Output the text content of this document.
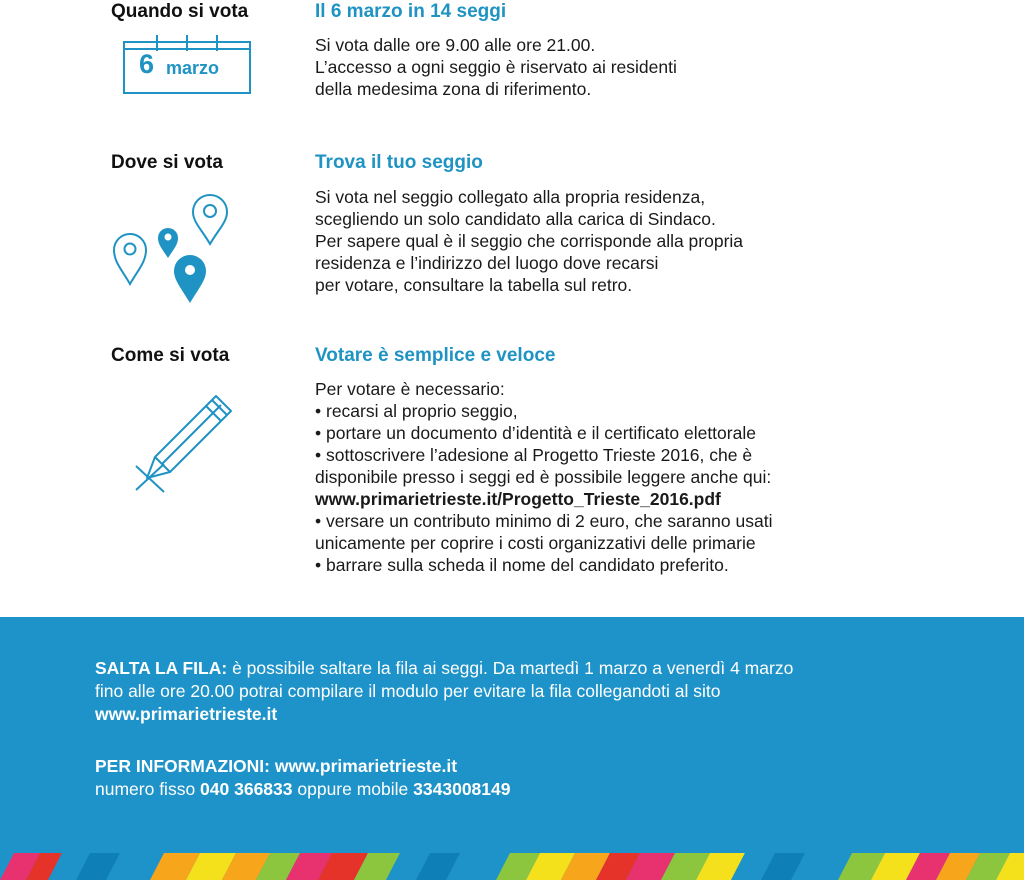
Quando si vota	Il 6 marzo in 14 seggi
Si vota dalle ore 9.00 alle ore 21.00.
L’accesso a ogni seggio è riservato ai residenti
della medesima zona di riferimento.
6 marzo
Dove si vota	Trova il tuo seggio
Si vota nel seggio collegato alla propria residenza,
scegliendo un solo candidato alla carica di Sindaco.
Per sapere qual è il seggio che corrisponde alla propria
residenza e l’indirizzo del luogo dove recarsi
per votare, consultare la tabella sul retro.
Come si vota	Votare è semplice e veloce
Per votare è necessario:
• recarsi al proprio seggio,
• portare un documento d’identità e il certificato elettorale
• sottoscrivere l’adesione al Progetto Trieste 2016, che è
disponibile presso i seggi ed è possibile leggere anche qui:
www.primarietrieste.it/Progetto_Trieste_2016.pdf
• versare un contributo minimo di 2 euro, che saranno usati
unicamente per coprire i costi organizzativi delle primarie
• barrare sulla scheda il nome del candidato preferito.
SALTA LA FILA: è possibile saltare la fila ai seggi. Da martedì 1 marzo a venerdì 4 marzo
fino alle ore 20.00 potrai compilare il modulo per evitare la fila collegandoti al sito
www.primarietrieste.it
PER INFORMAZIONI: www.primarietrieste.it
numero fisso 040 366833 oppure mobile 3343008149
